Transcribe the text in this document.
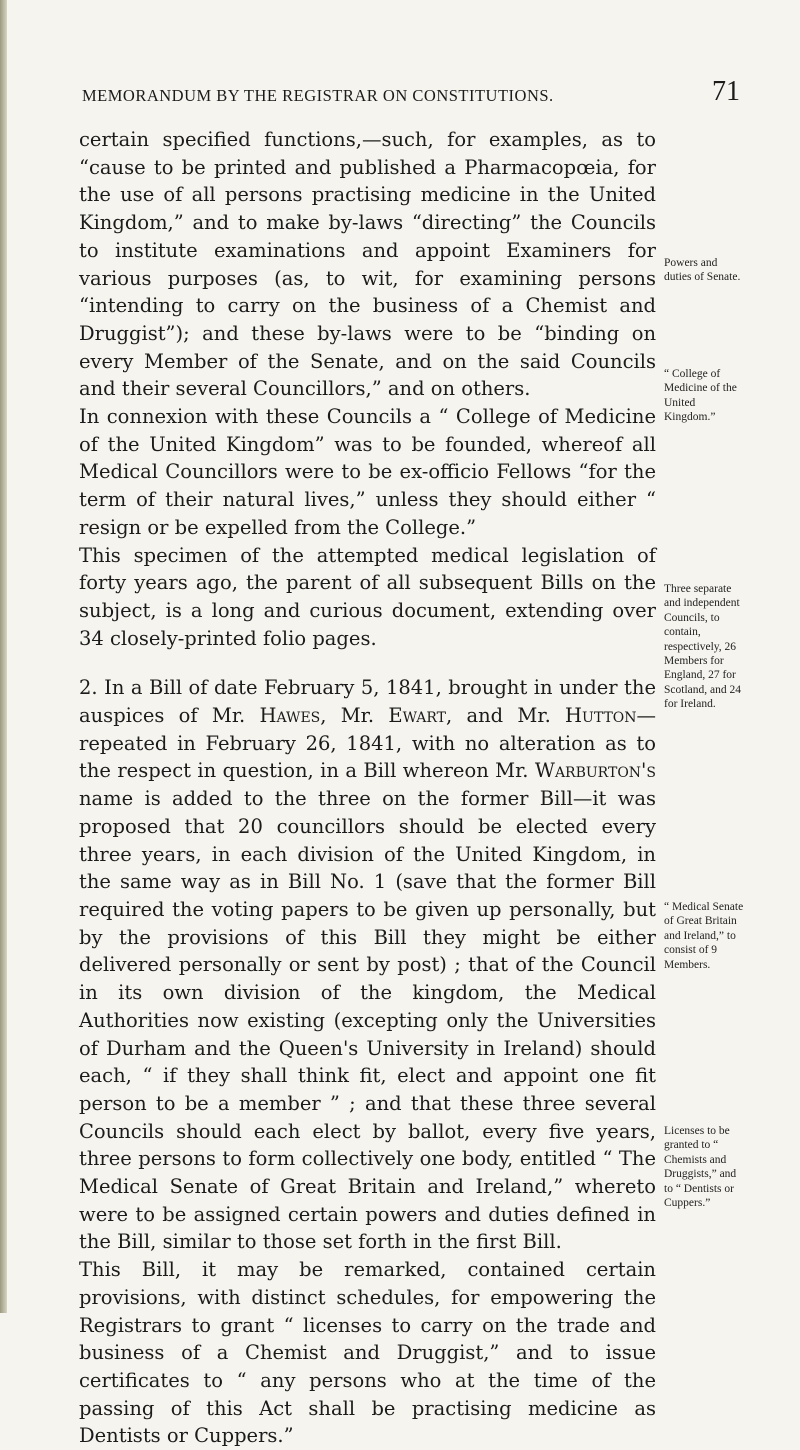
MEMORANDUM BY THE REGISTRAR ON CONSTITUTIONS.	71

certain specified functions,—such, for examples, as to “cause to be printed and published a Pharmacopœia, for the use of all persons practising medicine in the United Kingdom,” and to make by-laws “directing” the Councils to institute examinations and appoint Examiners for various purposes (as, to wit, for examining persons “intending to carry on the business of a Chemist and Druggist”); and these by-laws were to be “binding on every Member of the Senate, and on the said Councils and their several Councillors,” and on others.

In connexion with these Councils a “ College of Medicine of the United Kingdom” was to be founded, whereof all Medical Councillors were to be ex-officio Fellows “for the term of their natural lives,” unless they should either “ resign or be expelled from the College.”

This specimen of the attempted medical legislation of forty years ago, the parent of all subsequent Bills on the subject, is a long and curious document, extending over 34 closely-printed folio pages.

2. In a Bill of date February 5, 1841, brought in under the auspices of Mr. Hawes, Mr. Ewart, and Mr. Hutton—repeated in February 26, 1841, with no alteration as to the respect in question, in a Bill whereon Mr. Warburton's name is added to the three on the former Bill—it was proposed that 20 councillors should be elected every three years, in each division of the United Kingdom, in the same way as in Bill No. 1 (save that the former Bill required the voting papers to be given up personally, but by the provisions of this Bill they might be either delivered personally or sent by post) ; that of the Council in its own division of the kingdom, the Medical Authorities now existing (excepting only the Universities of Durham and the Queen's University in Ireland) should each, “ if they shall think fit, elect and appoint one fit person to be a member ” ; and that these three several Councils should each elect by ballot, every five years, three persons to form collectively one body, entitled “ The Medical Senate of Great Britain and Ireland,” whereto were to be assigned certain powers and duties defined in the Bill, similar to those set forth in the first Bill.

This Bill, it may be remarked, contained certain provisions, with distinct schedules, for empowering the Registrars to grant “ licenses to carry on the trade and business of a Chemist and Druggist,” and to issue certificates to “ any persons who at the time of the passing of this Act shall be practising medicine as Dentists or Cuppers.”

Powers and duties of Senate.
“ College of Medicine of the United Kingdom.”
Three separate and independent Councils, to contain, respectively, 26 Members for England, 27 for Scotland, and 24 for Ireland.
“ Medical Senate of Great Britain and Ireland,” to consist of 9 Members.
Licenses to be granted to “ Chemists and Druggists,” and to “ Dentists or Cuppers.”
